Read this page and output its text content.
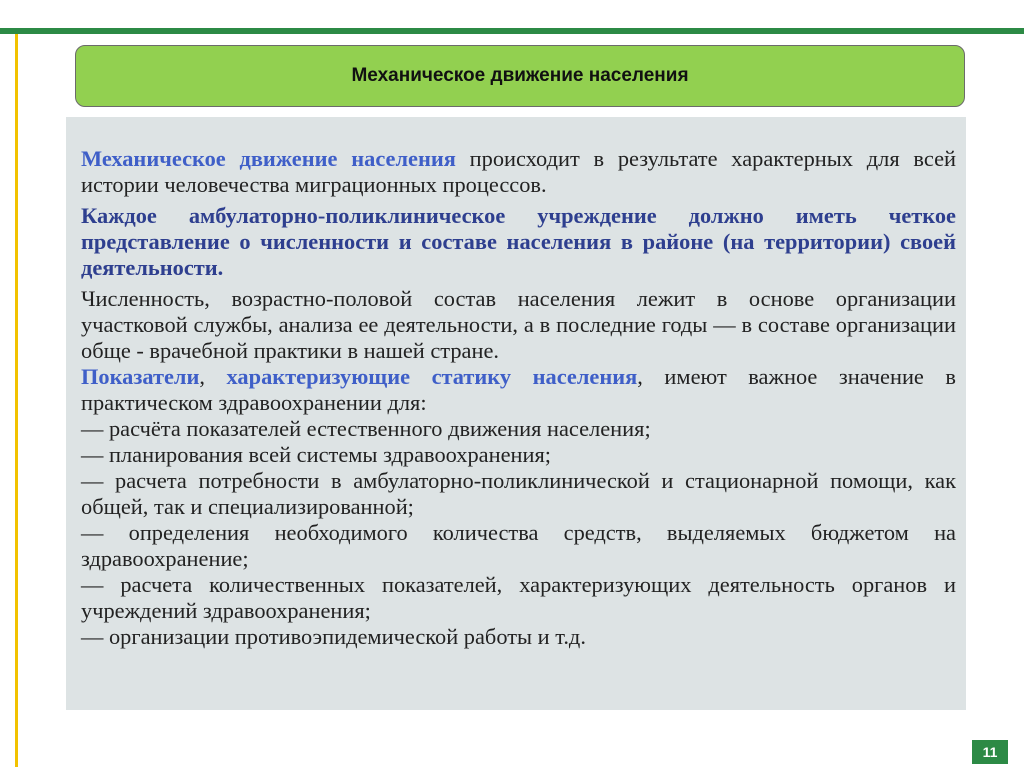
Механическое движение населения

Механическое движение населения происходит в результате характерных для всей истории человечества миграционных процессов.

Каждое амбулаторно-поликлиническое учреждение должно иметь четкое представление о численности и составе населения в районе (на территории) своей деятельности.

Численность, возрастно-половой состав населения лежит в основе организации участковой службы, анализа ее деятельности, а в последние годы — в составе организации обще - врачебной практики в нашей стране.

Показатели, характеризующие статику населения, имеют важное значение в практическом здравоохранении для:

— расчёта показателей естественного движения населения;

— планирования всей системы здравоохранения;

— расчета потребности в амбулаторно-поликлинической и стационарной помощи, как общей, так и специализированной;

— определения необходимого количества средств, выделяемых бюджетом на здравоохранение;

— расчета количественных показателей, характеризующих деятельность органов и учреждений здравоохранения;

— организации противоэпидемической работы и т.д.

11
